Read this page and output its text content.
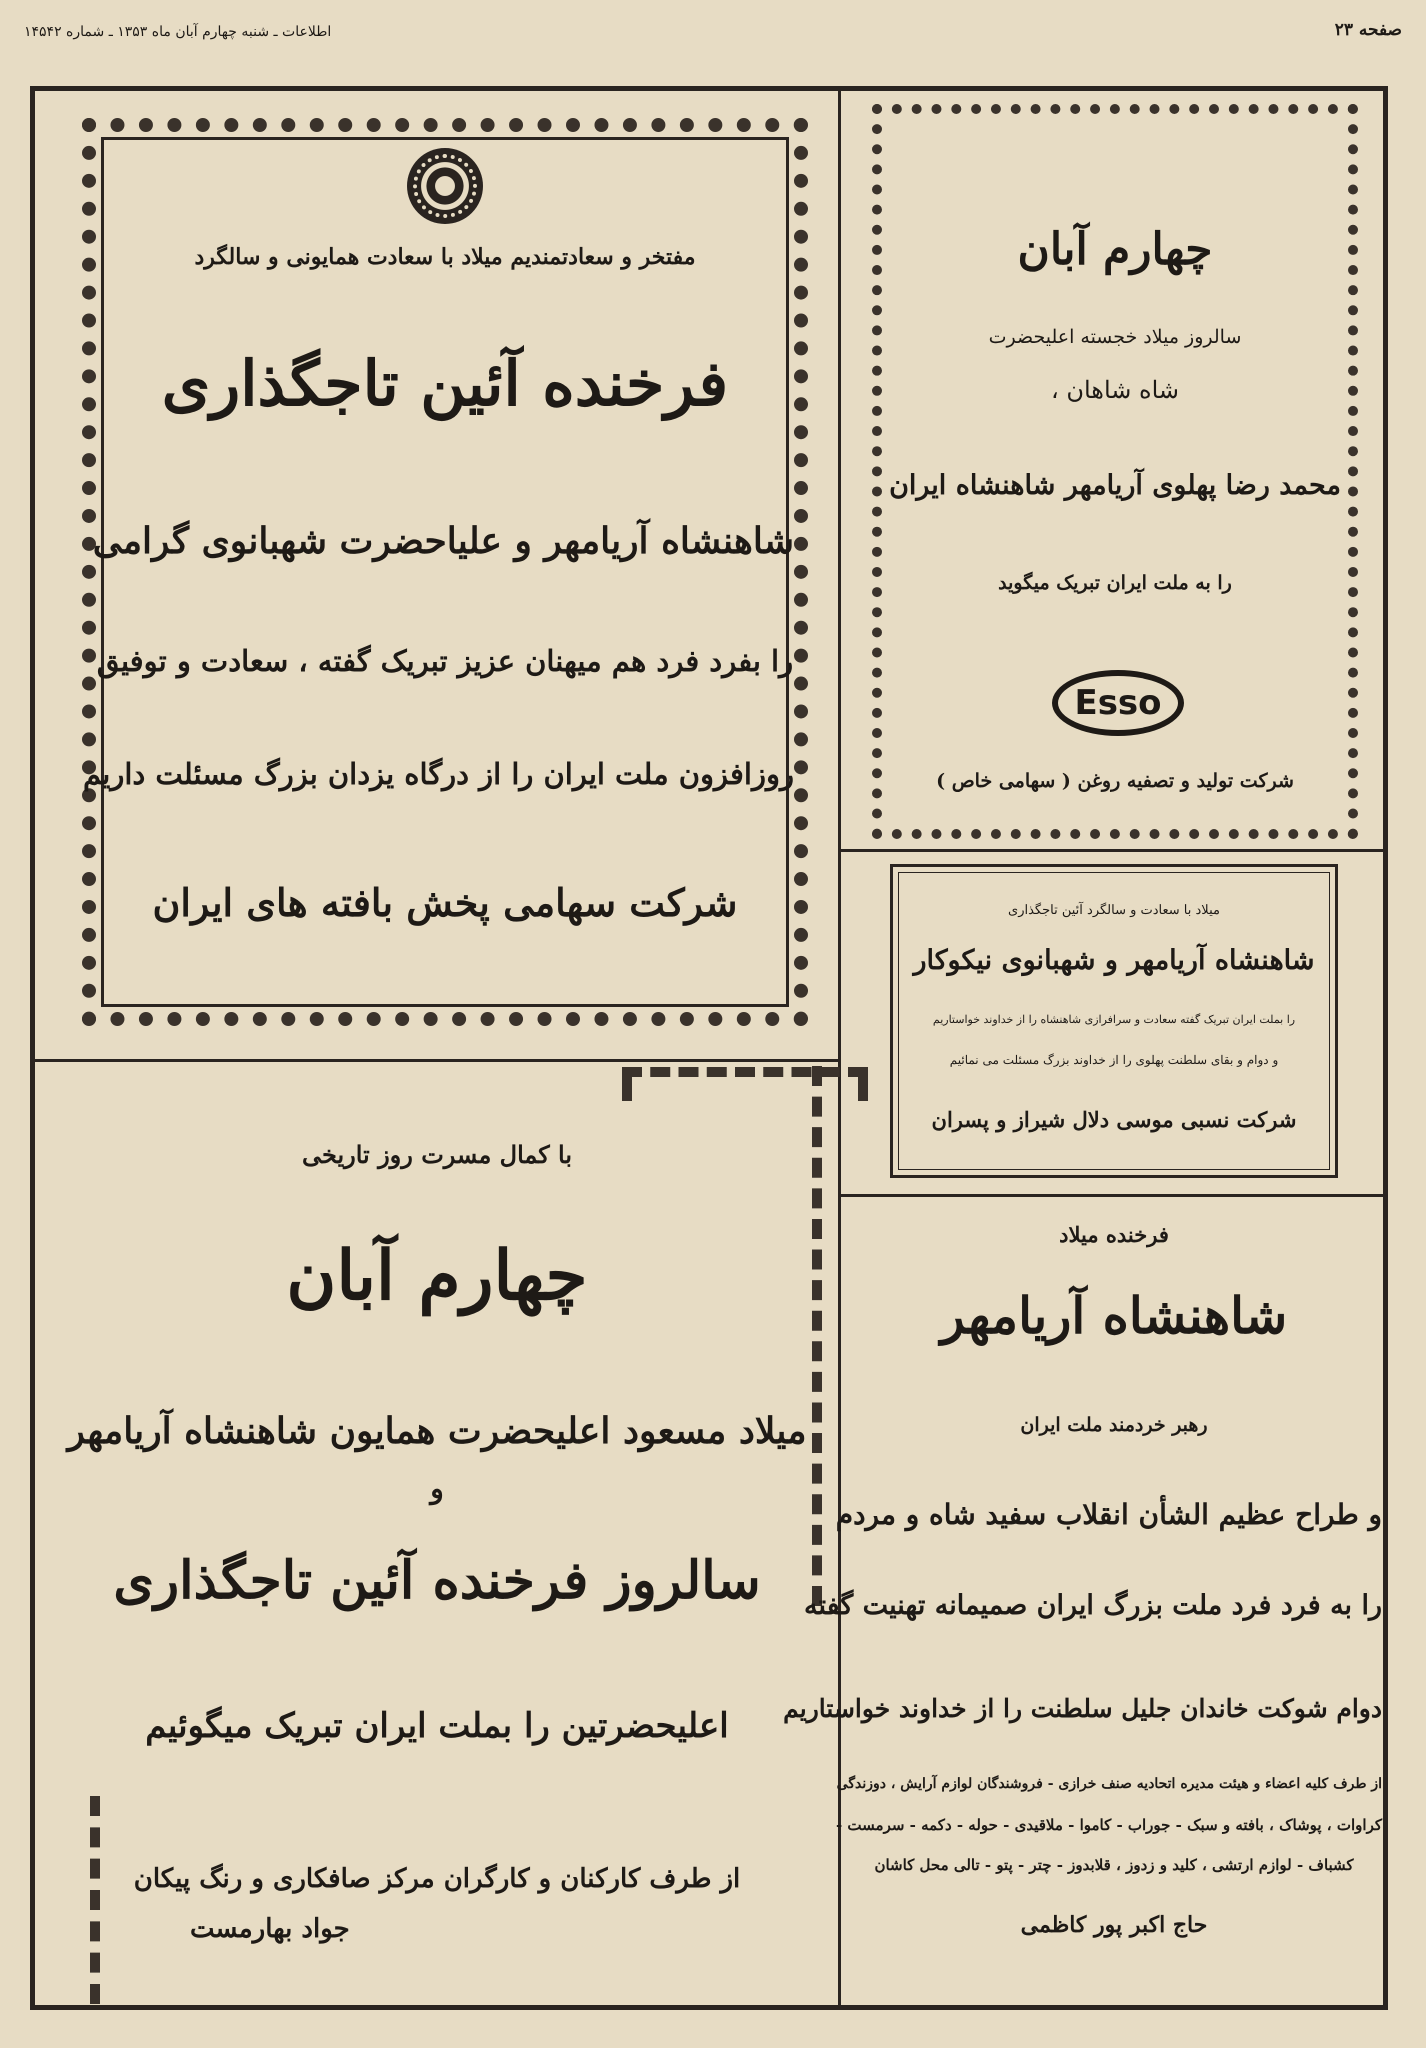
صفحه ۲۳
اطلاعات ـ شنبه چهارم آبان ماه ۱۳۵۳ ـ شماره ۱۴۵۴۲
مفتخر و سعادتمندیم میلاد با سعادت همایونی و سالگرد
فرخنده آئین تاجگذاری
شاهنشاه آریامهر و علیاحضرت شهبانوی گرامی
را بفرد فرد هم میهنان عزیز تبریک گفته ، سعادت و توفیق
روزافزون ملت ایران را از درگاه یزدان بزرگ مسئلت داریم
شرکت سهامی پخش بافته های ایران
چهارم آبان
سالروز میلاد خجسته اعلیحضرت
شاه شاهان ،
محمد رضا پهلوی آریامهر شاهنشاه ایران
را به ملت ایران تبریک میگوید
Esso
شرکت تولید و تصفیه روغن ( سهامی خاص )
میلاد با سعادت و سالگرد آئین تاجگذاری
شاهنشاه آریامهر و شهبانوی نیکوکار
را بملت ایران تبریک گفته سعادت و سرافرازی شاهنشاه را از خداوند خواستاریم
و دوام و بقای سلطنت پهلوی را از خداوند بزرگ مسئلت می نمائیم
شرکت نسبی موسی دلال شیراز و پسران
با کمال مسرت روز تاریخی
چهارم آبان
میلاد مسعود اعلیحضرت همایون شاهنشاه آریامهر
و
سالروز فرخنده آئین تاجگذاری
اعلیحضرتین را بملت ایران تبریک میگوئیم
از طرف کارکنان و کارگران مرکز صافکاری و رنگ پیکان
جواد بهارمست
فرخنده میلاد
شاهنشاه آریامهر
رهبر خردمند ملت ایران
و طراح عظیم الشأن انقلاب سفید شاه و مردم
را به فرد فرد ملت بزرگ ایران صمیمانه تهنیت گفته
دوام شوکت خاندان جلیل سلطنت را از خداوند خواستاریم
از طرف کلیه اعضاء و هیئت مدیره اتحادیه صنف خرازی - فروشندگان لوازم آرایش ، دوزندگی
کراوات ، پوشاک ، بافته و سبک - جوراب - کاموا - ملاقیدی - حوله - دکمه - سرمست -
کشباف - لوازم ارتشی ، کلید و زدوز ، قلابدوز - چتر - پتو - تالی محل کاشان
حاج اکبر پور کاظمی
